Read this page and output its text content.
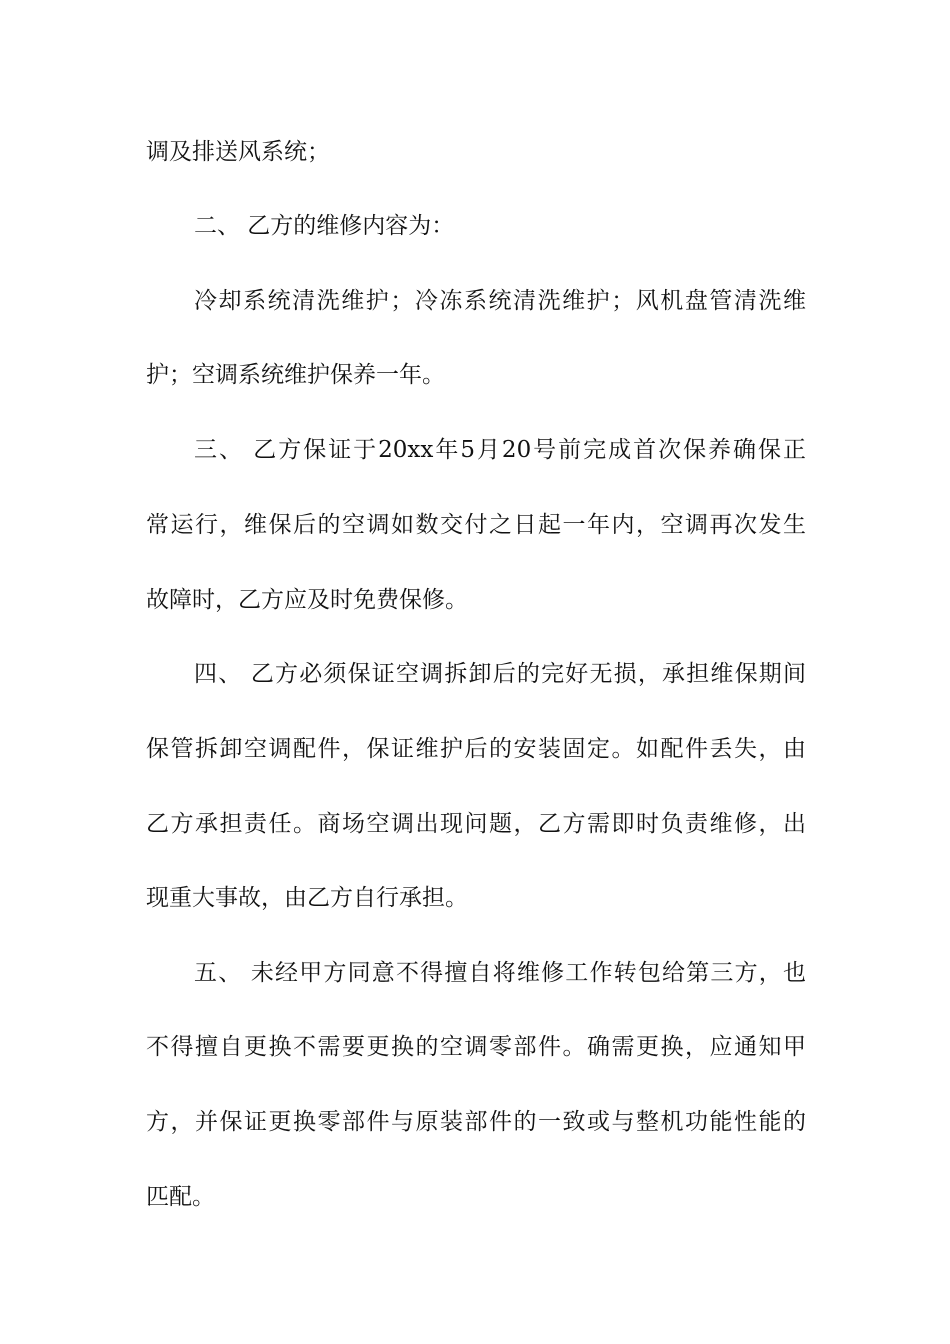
调及排送风系统；
二、 乙方的维修内容为：
冷却系统清洗维护；冷冻系统清洗维护；风机盘管清洗维
护；空调系统维护保养一年。
三、 乙方保证于20xx年5月20号前完成首次保养确保正
常运行，维保后的空调如数交付之日起一年内，空调再次发生
故障时，乙方应及时免费保修。
四、 乙方必须保证空调拆卸后的完好无损，承担维保期间
保管拆卸空调配件，保证维护后的安装固定。如配件丢失，由
乙方承担责任。商场空调出现问题，乙方需即时负责维修，出
现重大事故，由乙方自行承担。
五、 未经甲方同意不得擅自将维修工作转包给第三方，也
不得擅自更换不需要更换的空调零部件。确需更换，应通知甲
方，并保证更换零部件与原装部件的一致或与整机功能性能的
匹配。
